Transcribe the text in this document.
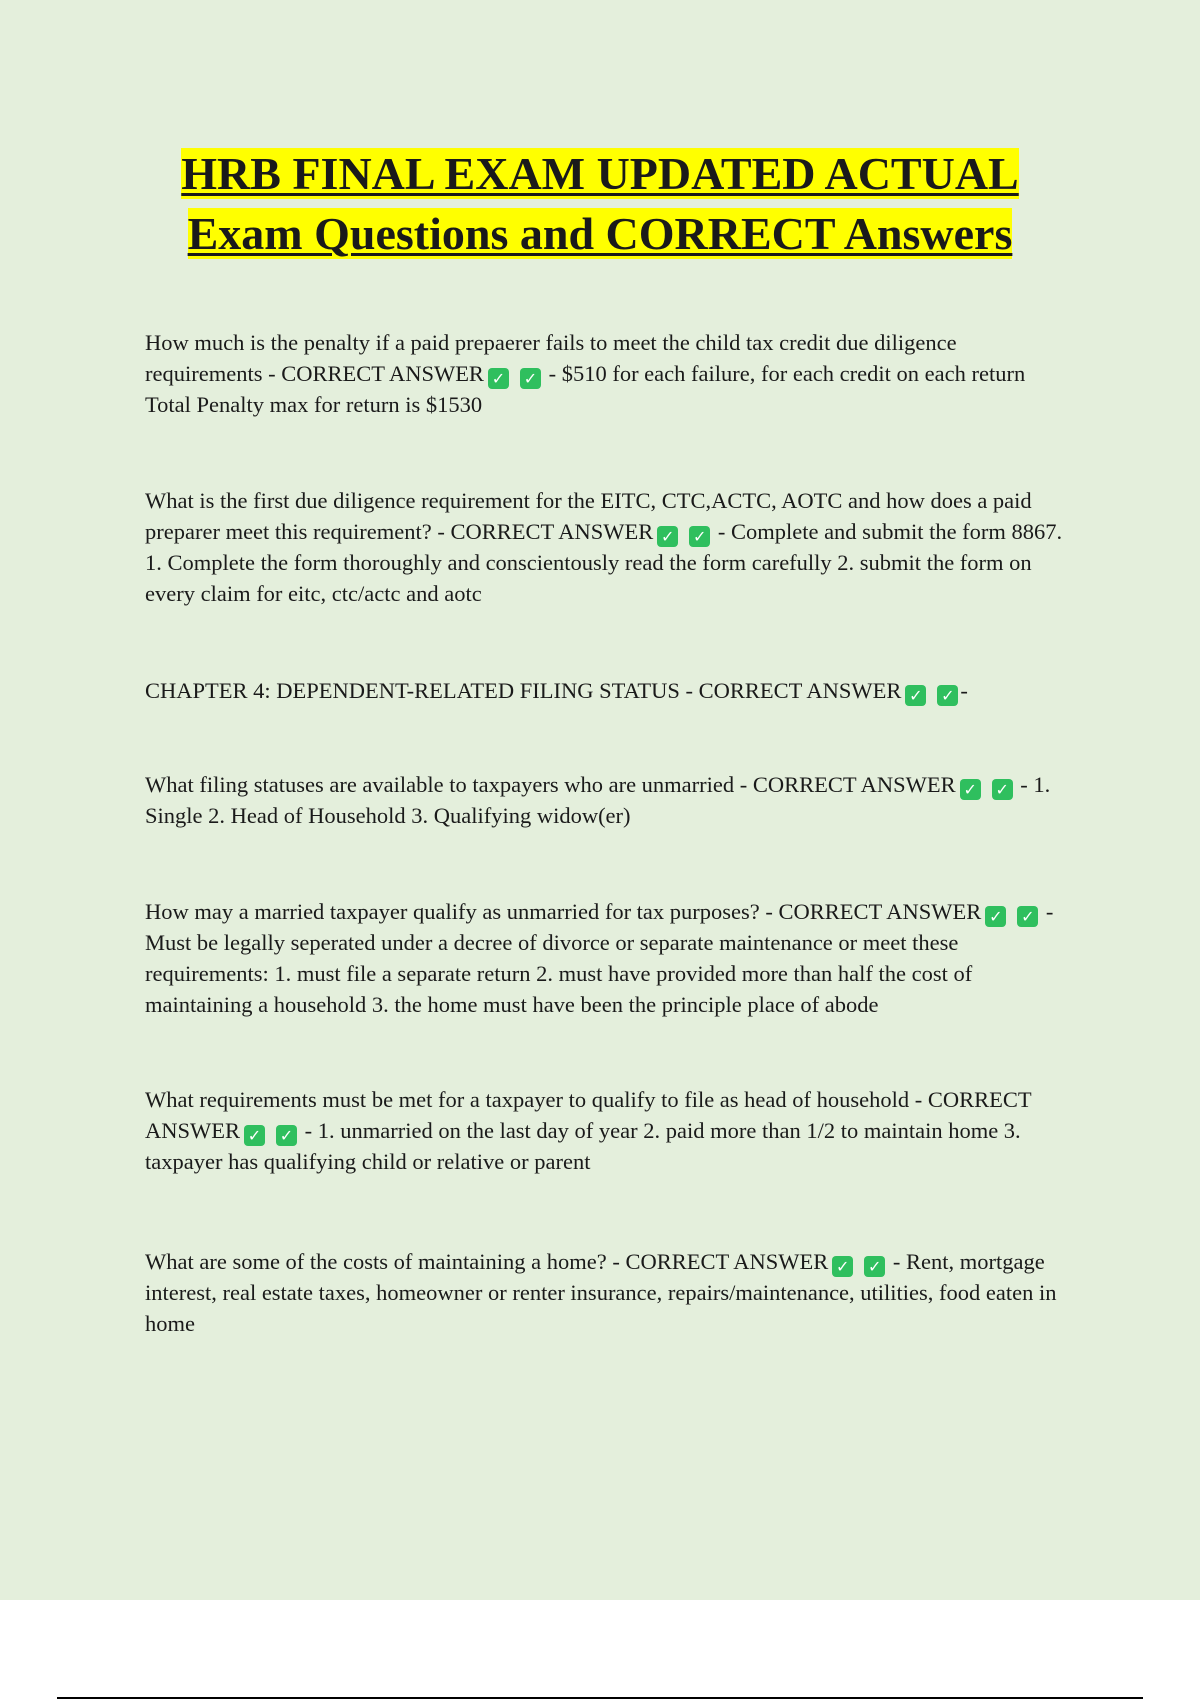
HRB FINAL EXAM UPDATED ACTUAL
Exam Questions and CORRECT Answers

How much is the penalty if a paid prepaerer fails to meet the child tax credit due diligence requirements - CORRECT ANSWER ✓ ✓ - $510 for each failure, for each credit on each return Total Penalty max for return is $1530

What is the first due diligence requirement for the EITC, CTC,ACTC, AOTC and how does a paid preparer meet this requirement? - CORRECT ANSWER ✓ ✓ - Complete and submit the form 8867. 1. Complete the form thoroughly and conscientously read the form carefully 2. submit the form on every claim for eitc, ctc/actc and aotc

CHAPTER 4: DEPENDENT-RELATED FILING STATUS - CORRECT ANSWER ✓ ✓ -

What filing statuses are available to taxpayers who are unmarried - CORRECT ANSWER ✓ ✓ - 1. Single 2. Head of Household 3. Qualifying widow(er)

How may a married taxpayer qualify as unmarried for tax purposes? - CORRECT ANSWER ✓ ✓ - Must be legally seperated under a decree of divorce or separate maintenance or meet these requirements: 1. must file a separate return 2. must have provided more than half the cost of maintaining a household 3. the home must have been the principle place of abode

What requirements must be met for a taxpayer to qualify to file as head of household - CORRECT ANSWER ✓ ✓ - 1. unmarried on the last day of year 2. paid more than 1/2 to maintain home 3. taxpayer has qualifying child or relative or parent

What are some of the costs of maintaining a home? - CORRECT ANSWER ✓ ✓ - Rent, mortgage interest, real estate taxes, homeowner or renter insurance, repairs/maintenance, utilities, food eaten in home
